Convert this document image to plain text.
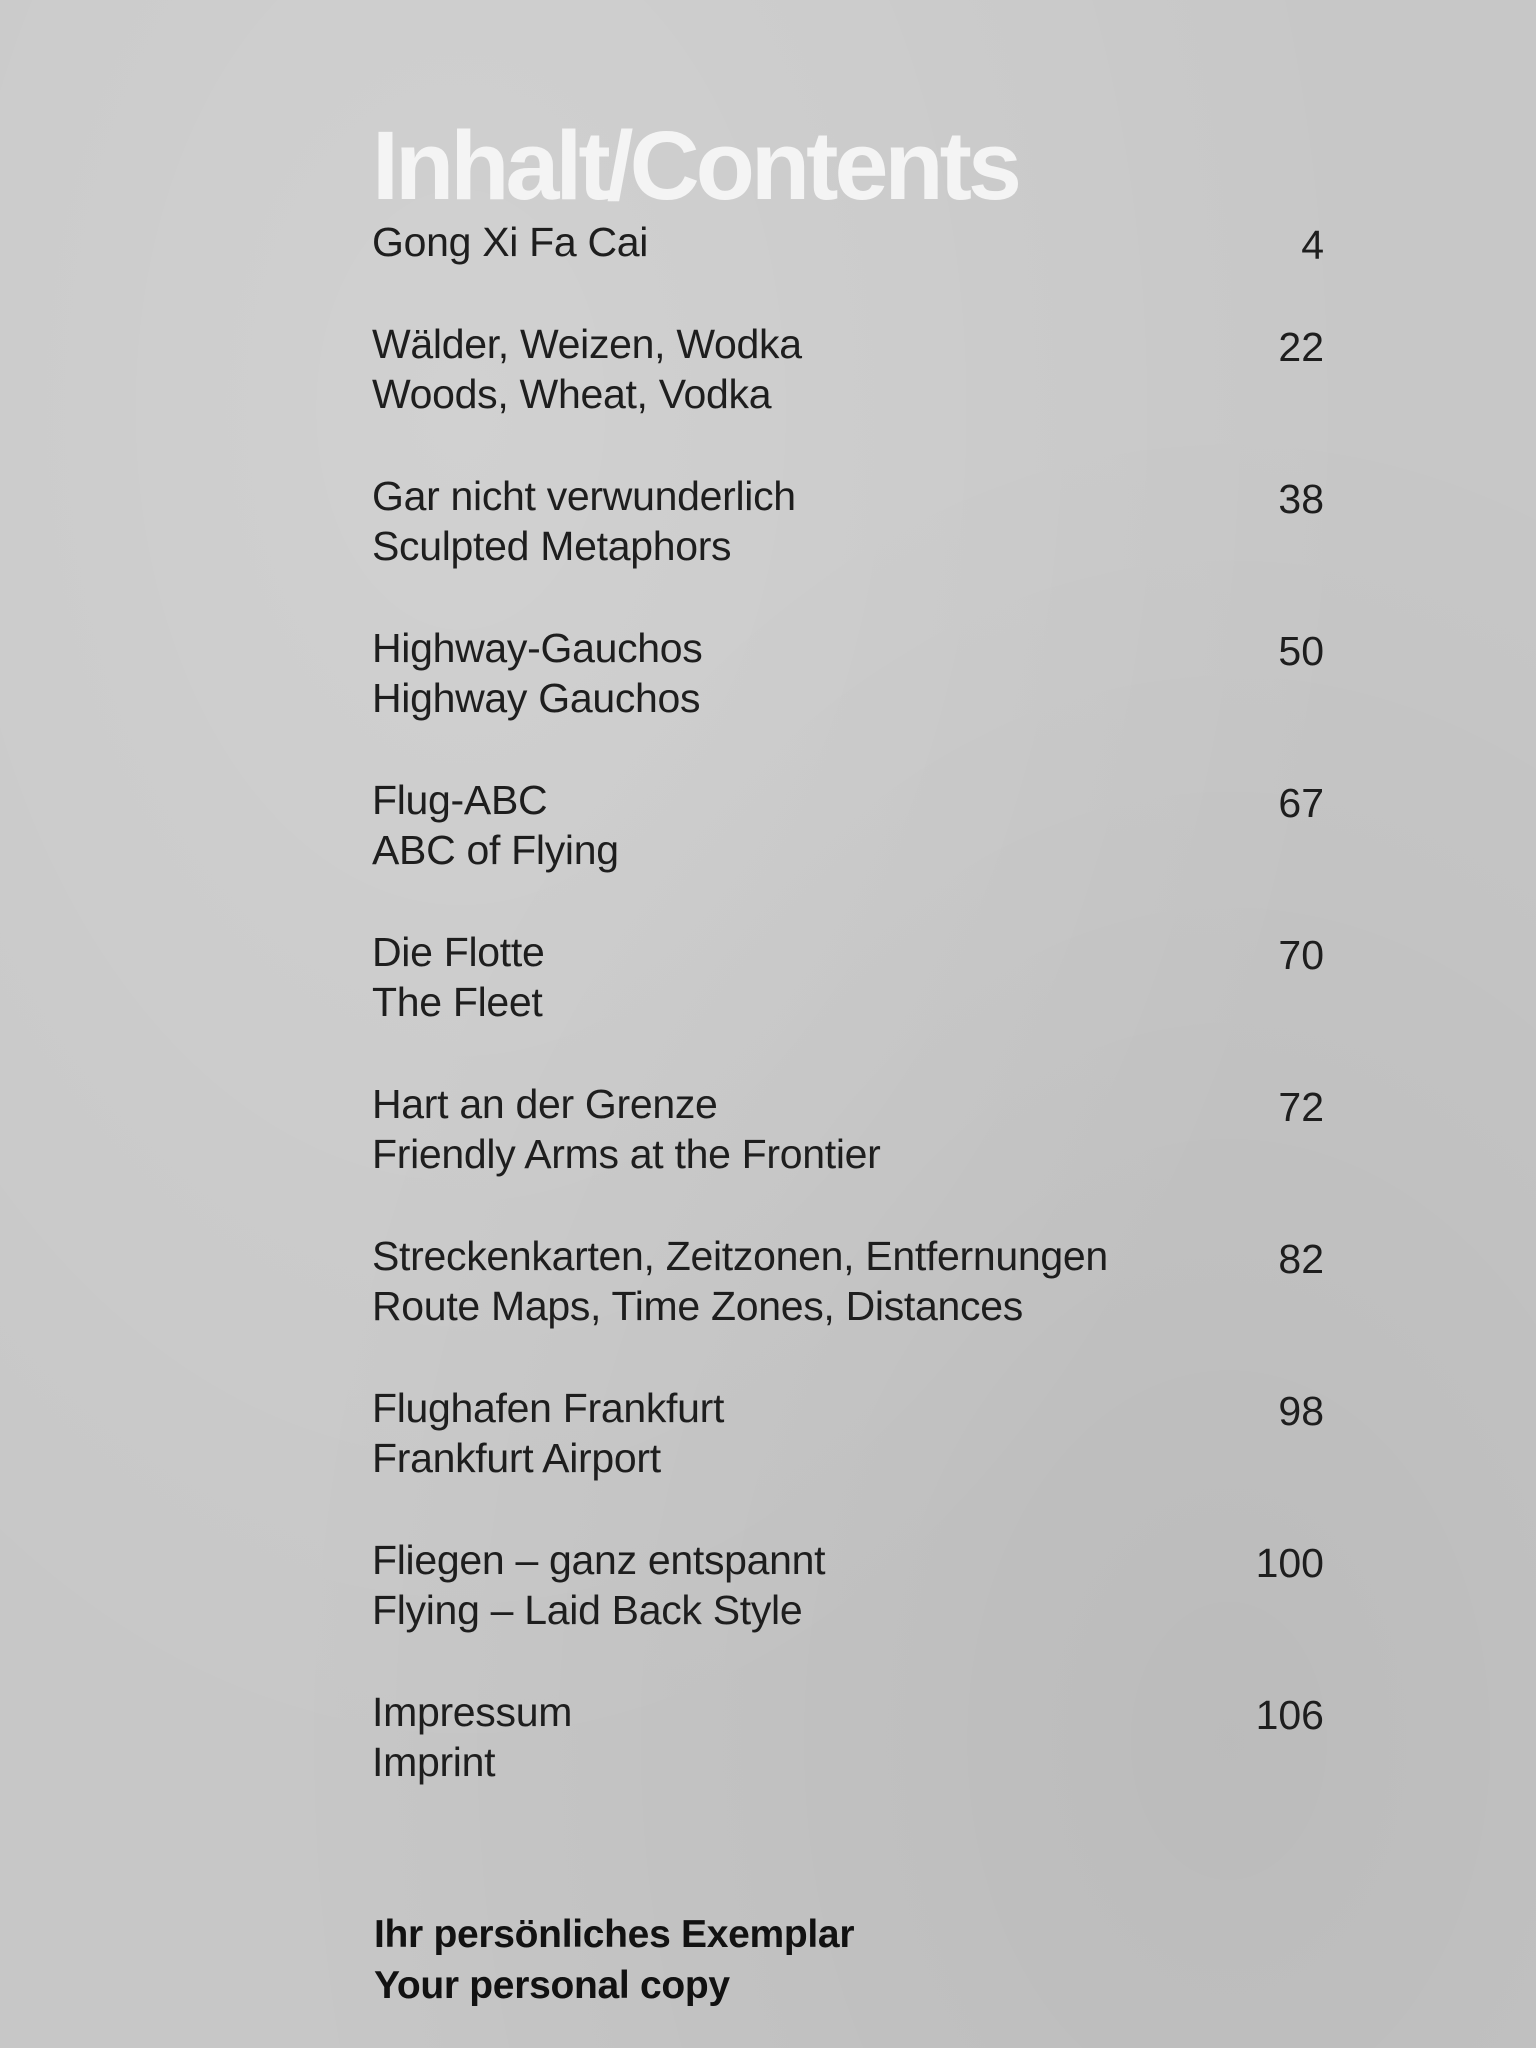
Inhalt/Contents
Gong Xi Fa Cai	4
Wälder, Weizen, Wodka
Woods, Wheat, Vodka
22
Gar nicht verwunderlich
Sculpted Metaphors
38
Highway-Gauchos
Highway Gauchos
50
Flug-ABC
ABC of Flying
67
Die Flotte
The Fleet
70
Hart an der Grenze
Friendly Arms at the Frontier
72
Streckenkarten, Zeitzonen, Entfernungen
Route Maps, Time Zones, Distances
82
Flughafen Frankfurt
Frankfurt Airport
98
Fliegen – ganz entspannt
Flying – Laid Back Style
100
Impressum
Imprint
106
Ihr persönliches Exemplar
Your personal copy
